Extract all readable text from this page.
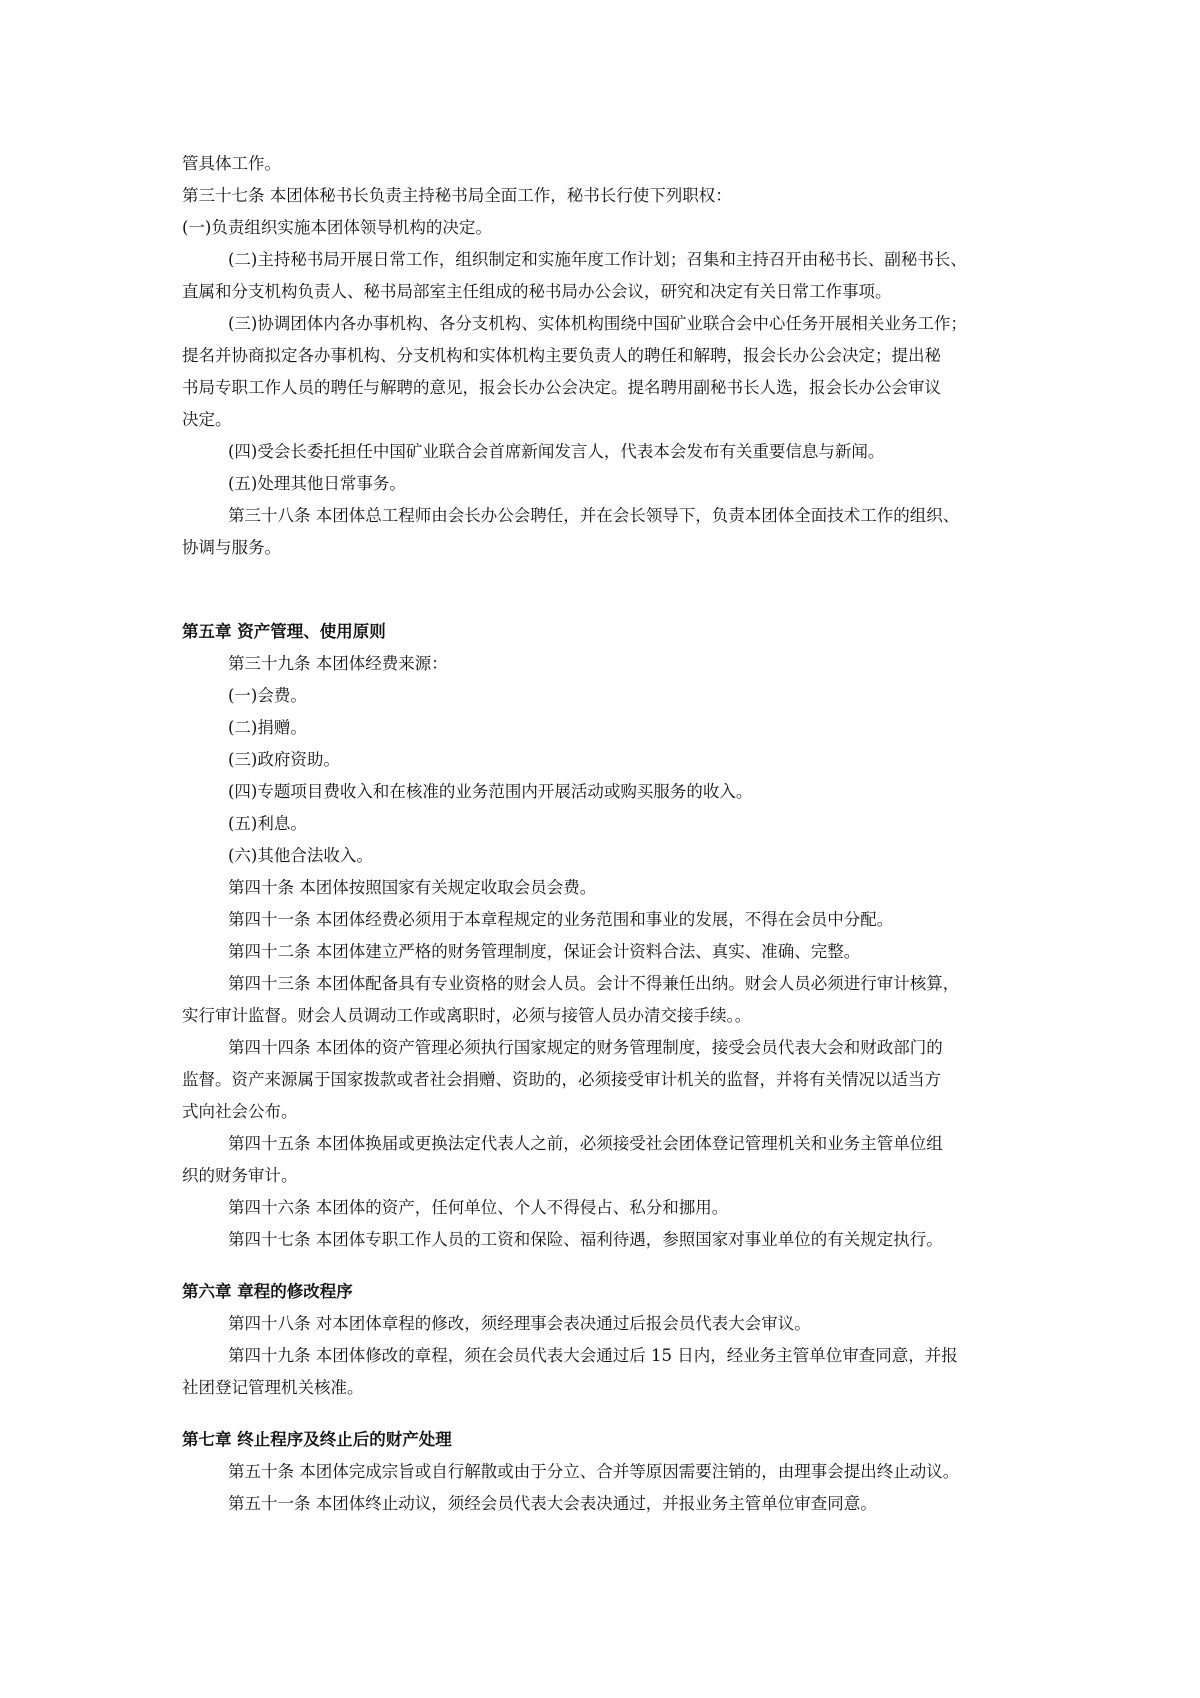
管具体工作。

第三十七条 本团体秘书长负责主持秘书局全面工作，秘书长行使下列职权：

(一)负责组织实施本团体领导机构的决定。

(二)主持秘书局开展日常工作，组织制定和实施年度工作计划；召集和主持召开由秘书长、副秘书长、

直属和分支机构负责人、秘书局部室主任组成的秘书局办公会议，研究和决定有关日常工作事项。

(三)协调团体内各办事机构、各分支机构、实体机构围绕中国矿业联合会中心任务开展相关业务工作；

提名并协商拟定各办事机构、分支机构和实体机构主要负责人的聘任和解聘，报会长办公会决定；提出秘

书局专职工作人员的聘任与解聘的意见，报会长办公会决定。提名聘用副秘书长人选，报会长办公会审议

决定。

(四)受会长委托担任中国矿业联合会首席新闻发言人，代表本会发布有关重要信息与新闻。

(五)处理其他日常事务。

第三十八条 本团体总工程师由会长办公会聘任，并在会长领导下，负责本团体全面技术工作的组织、

协调与服务。

第五章 资产管理、使用原则

第三十九条 本团体经费来源：

(一)会费。

(二)捐赠。

(三)政府资助。

(四)专题项目费收入和在核准的业务范围内开展活动或购买服务的收入。

(五)利息。

(六)其他合法收入。

第四十条 本团体按照国家有关规定收取会员会费。

第四十一条 本团体经费必须用于本章程规定的业务范围和事业的发展，不得在会员中分配。

第四十二条 本团体建立严格的财务管理制度，保证会计资料合法、真实、准确、完整。

第四十三条 本团体配备具有专业资格的财会人员。会计不得兼任出纳。财会人员必须进行审计核算，

实行审计监督。财会人员调动工作或离职时，必须与接管人员办清交接手续。。

第四十四条 本团体的资产管理必须执行国家规定的财务管理制度，接受会员代表大会和财政部门的

监督。资产来源属于国家拨款或者社会捐赠、资助的，必须接受审计机关的监督，并将有关情况以适当方

式向社会公布。

第四十五条 本团体换届或更换法定代表人之前，必须接受社会团体登记管理机关和业务主管单位组

织的财务审计。

第四十六条 本团体的资产，任何单位、个人不得侵占、私分和挪用。

第四十七条 本团体专职工作人员的工资和保险、福利待遇，参照国家对事业单位的有关规定执行。

第六章 章程的修改程序

第四十八条 对本团体章程的修改，须经理事会表决通过后报会员代表大会审议。

第四十九条 本团体修改的章程，须在会员代表大会通过后 15 日内，经业务主管单位审查同意，并报

社团登记管理机关核准。

第七章 终止程序及终止后的财产处理

第五十条 本团体完成宗旨或自行解散或由于分立、合并等原因需要注销的，由理事会提出终止动议。

第五十一条 本团体终止动议，须经会员代表大会表决通过，并报业务主管单位审查同意。
